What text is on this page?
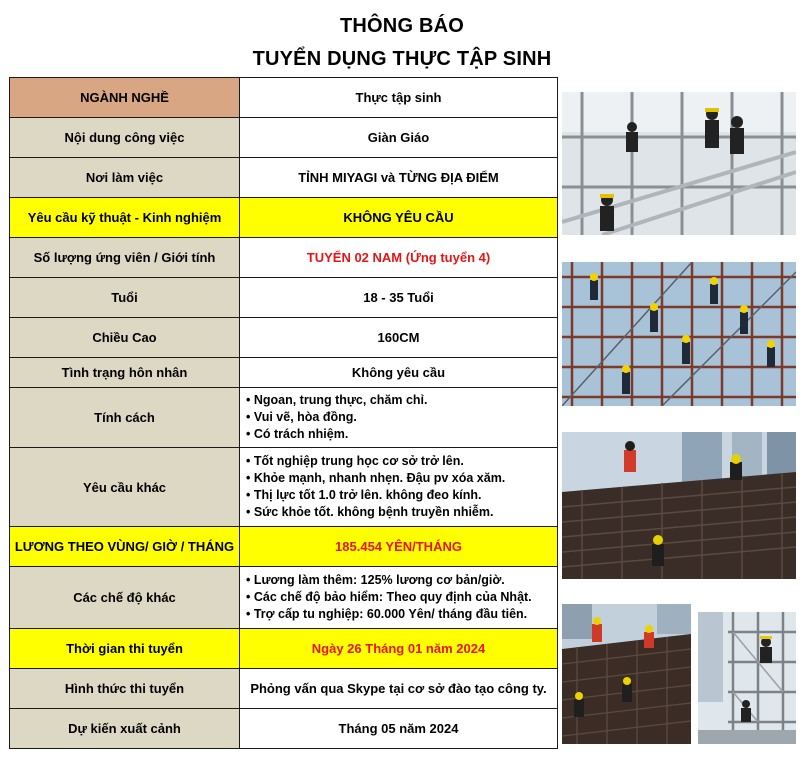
THÔNG BÁO
TUYỂN DỤNG THỰC TẬP SINH
NGÀNH NGHỀ	Thực tập sinh
Nội dung công việc	Giàn Giáo
Nơi làm việc	TỈNH MIYAGI và TỪNG ĐỊA ĐIỂM
Yêu cầu kỹ thuật - Kinh nghiệm	KHÔNG YÊU CẦU
Số lượng ứng viên / Giới tính	TUYỂN 02 NAM (Ứng tuyển 4)
Tuổi	18 - 35 Tuổi
Chiều Cao	160CM
Tình trạng hôn nhân	Không yêu cầu
Tính cách	• Ngoan, trung thực, chăm chỉ.
• Vui vẽ, hòa đồng.
• Có trách nhiệm.

Yêu cầu khác	• Tốt nghiệp trung học cơ sở trở lên.
• Khỏe mạnh, nhanh nhẹn. Đậu pv xóa xăm.
• Thị lực tốt 1.0 trở lên. không đeo kính.
• Sức khỏe tốt. không bệnh truyền nhiễm.

LƯƠNG THEO VÙNG/ GIỜ / THÁNG	185.454 YÊN/THÁNG
Các chế độ khác	• Lương làm thêm: 125% lương cơ bản/giờ.
• Các chế độ bảo hiểm: Theo quy định của Nhật.
• Trợ cấp tu nghiệp: 60.000 Yên/ tháng đầu tiên.

Thời gian thi tuyển	Ngày 26 Tháng 01 năm 2024
Hình thức thi tuyển	Phỏng vấn qua Skype tại cơ sở đào tạo công ty.
Dự kiến xuất cảnh	Tháng 05 năm 2024
